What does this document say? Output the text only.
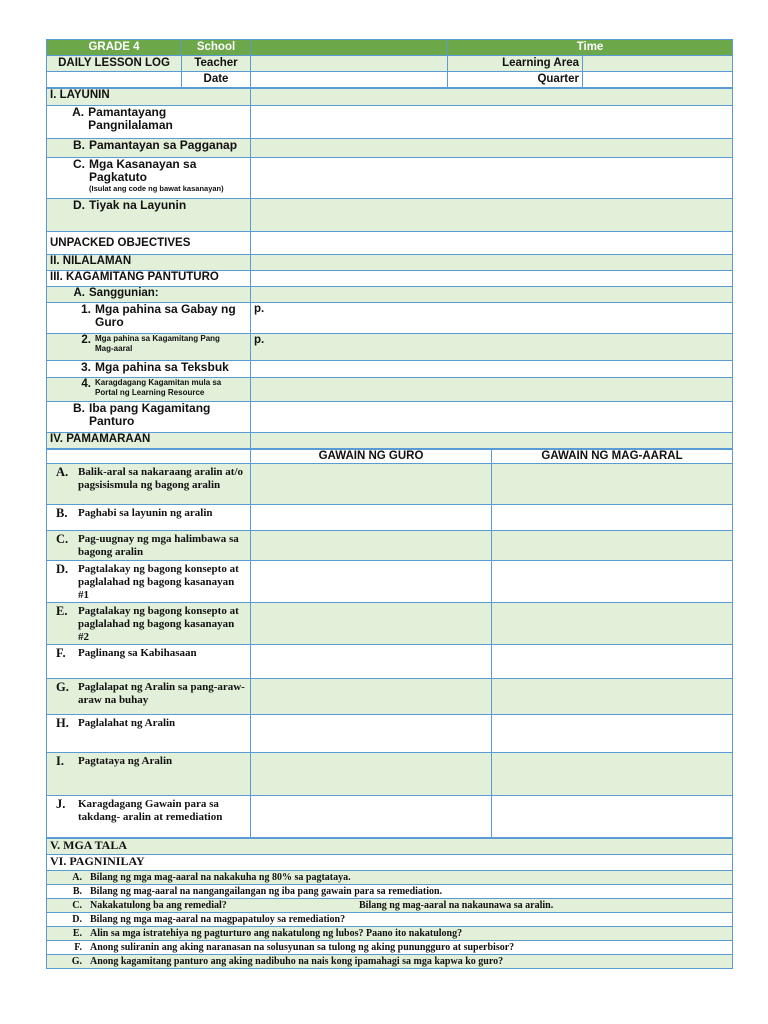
GRADE 4	School		Time	
DAILY LESSON LOG	Teacher		Learning Area	
	Date		Quarter	
I. LAYUNIN	

A. Pamantayang Pangnilalaman	

B. Pamantayan sa Pagganap	

C. Mga Kasanayan sa Pagkatuto
(Isulat ang code ng bawat kasanayan)	

D. Tiyak na Layunin	

UNPACKED OBJECTIVES	
II. NILALAMAN	
III. KAGAMITANG PANTUTURO	

A. Sanggunian:	

1. Mga pahina sa Gabay ng Guro	p.

2. Mga pahina sa Kagamitang Pang Mag-aaral	p.

3. Mga pahina sa Teksbuk	

4. Karagdagang Kagamitan mula sa Portal ng Learning Resource	

B. Iba pang Kagamitang Panturo	

IV. PAMAMARAAN	
	GAWAIN NG GURO	GAWAIN NG MAG-AARAL

A. Balik-aral sa nakaraang aralin at/o pagsisismula ng bagong aralin		

B. Paghabi sa layunin ng aralin		

C. Pag-uugnay ng mga halimbawa sa bagong aralin		

D. Pagtalakay ng bagong konsepto at paglalahad ng bagong kasanayan #1		

E. Pagtalakay ng bagong konsepto at paglalahad ng bagong kasanayan #2		

F. Paglinang sa Kabihasaan		

G. Paglalapat ng Aralin sa pang-araw-araw na buhay		

H. Paglalahat ng Aralin		

I. Pagtataya ng Aralin		

J. Karagdagang Gawain para sa takdang- aralin at remediation		

V. MGA TALA
VI. PAGNINILAY
A. Bilang ng mga mag-aaral na nakakuha ng 80% sa pagtataya.
B. Bilang ng mag-aaral na nangangailangan ng iba pang gawain para sa remediation.
C. Nakakatulong ba ang remedial?	Bilang ng mag-aaral na nakaunawa sa aralin.
D. Bilang ng mga mag-aaral na magpapatuloy sa remediation?
E. Alin sa mga istratehiya ng pagturturo ang nakatulong ng lubos? Paano ito nakatulong?
F. Anong suliranin ang aking naranasan na solusyunan sa tulong ng aking punungguro at superbisor?
G. Anong kagamitang panturo ang aking nadibuho na nais kong ipamahagi sa mga kapwa ko guro?
